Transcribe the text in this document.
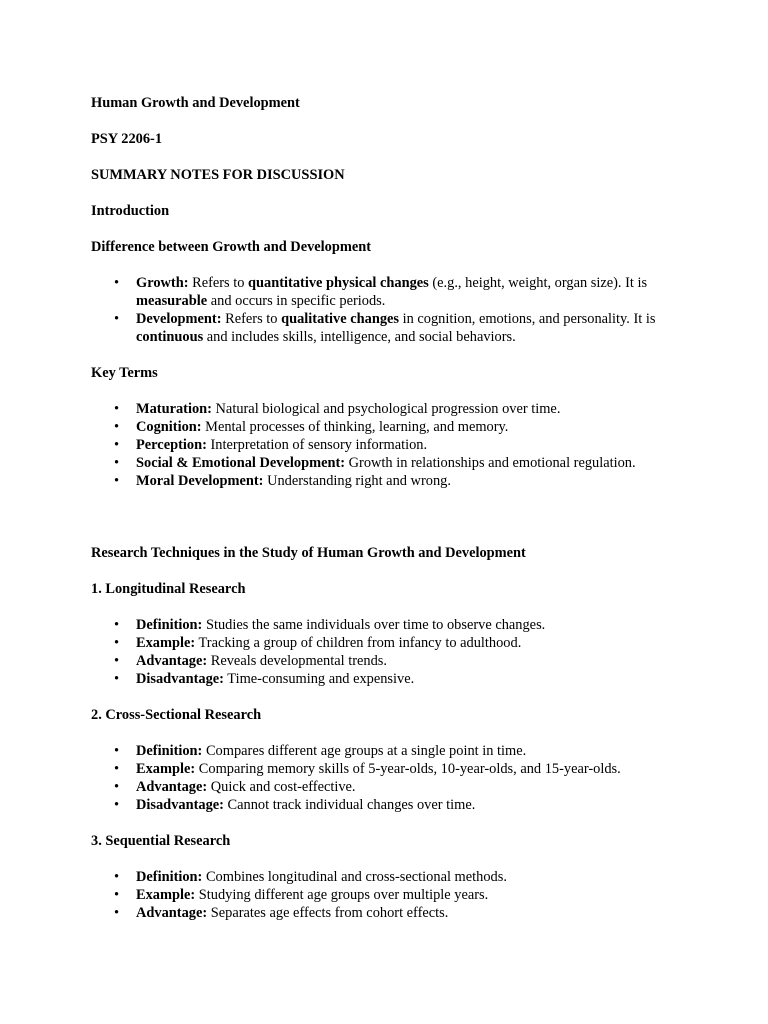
Human Growth and Development

PSY 2206-1

SUMMARY NOTES FOR DISCUSSION

Introduction

Difference between Growth and Development

• Growth: Refers to quantitative physical changes (e.g., height, weight, organ size). It is measurable and occurs in specific periods.
• Development: Refers to qualitative changes in cognition, emotions, and personality. It is continuous and includes skills, intelligence, and social behaviors.

Key Terms

• Maturation: Natural biological and psychological progression over time.
• Cognition: Mental processes of thinking, learning, and memory.
• Perception: Interpretation of sensory information.
• Social & Emotional Development: Growth in relationships and emotional regulation.
• Moral Development: Understanding right and wrong.

Research Techniques in the Study of Human Growth and Development

1. Longitudinal Research

• Definition: Studies the same individuals over time to observe changes.
• Example: Tracking a group of children from infancy to adulthood.
• Advantage: Reveals developmental trends.
• Disadvantage: Time-consuming and expensive.

2. Cross-Sectional Research

• Definition: Compares different age groups at a single point in time.
• Example: Comparing memory skills of 5-year-olds, 10-year-olds, and 15-year-olds.
• Advantage: Quick and cost-effective.
• Disadvantage: Cannot track individual changes over time.

3. Sequential Research

• Definition: Combines longitudinal and cross-sectional methods.
• Example: Studying different age groups over multiple years.
• Advantage: Separates age effects from cohort effects.
